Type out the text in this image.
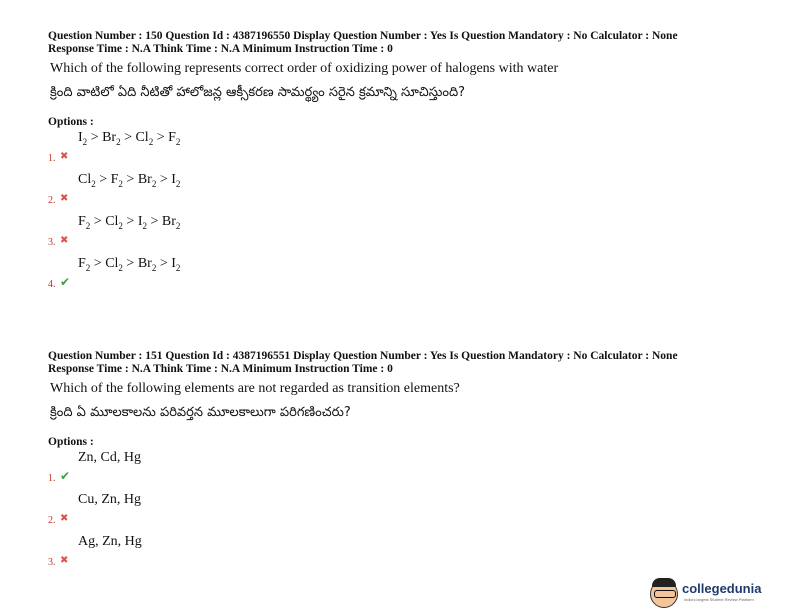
Question Number : 150 Question Id : 4387196550 Display Question Number : Yes Is Question Mandatory : No Calculator : None

Response Time : N.A Think Time : N.A Minimum Instruction Time : 0

Which of the following represents correct order of oxidizing power of halogens with water

క్రింది వాటిలో ఏది నీటితో హాలోజన్ల ఆక్సీకరణ సామర్థ్యం సరైన క్రమాన్ని సూచిస్తుంది?

Options :

1. ✖
$I_2 > Br_2 > Cl_2 > F_2$
2. ✖
$Cl_2 > F_2 > Br_2 > I_2$
3. ✖
$F_2 > Cl_2 > I_2 > Br_2$
4. ✔
$F_2 > Cl_2 > Br_2 > I_2$

Question Number : 151 Question Id : 4387196551 Display Question Number : Yes Is Question Mandatory : No Calculator : None

Response Time : N.A Think Time : N.A Minimum Instruction Time : 0

Which of the following elements are not regarded as transition elements?

క్రింది ఏ మూలకాలను పరివర్తన మూలకాలుగా పరిగణించరు?

Options :

1. ✔
Zn, Cd, Hg
2. ✖
Cu, Zn, Hg
3. ✖
Ag, Zn, Hg
collegedunia
India's largest Student Review Platform
